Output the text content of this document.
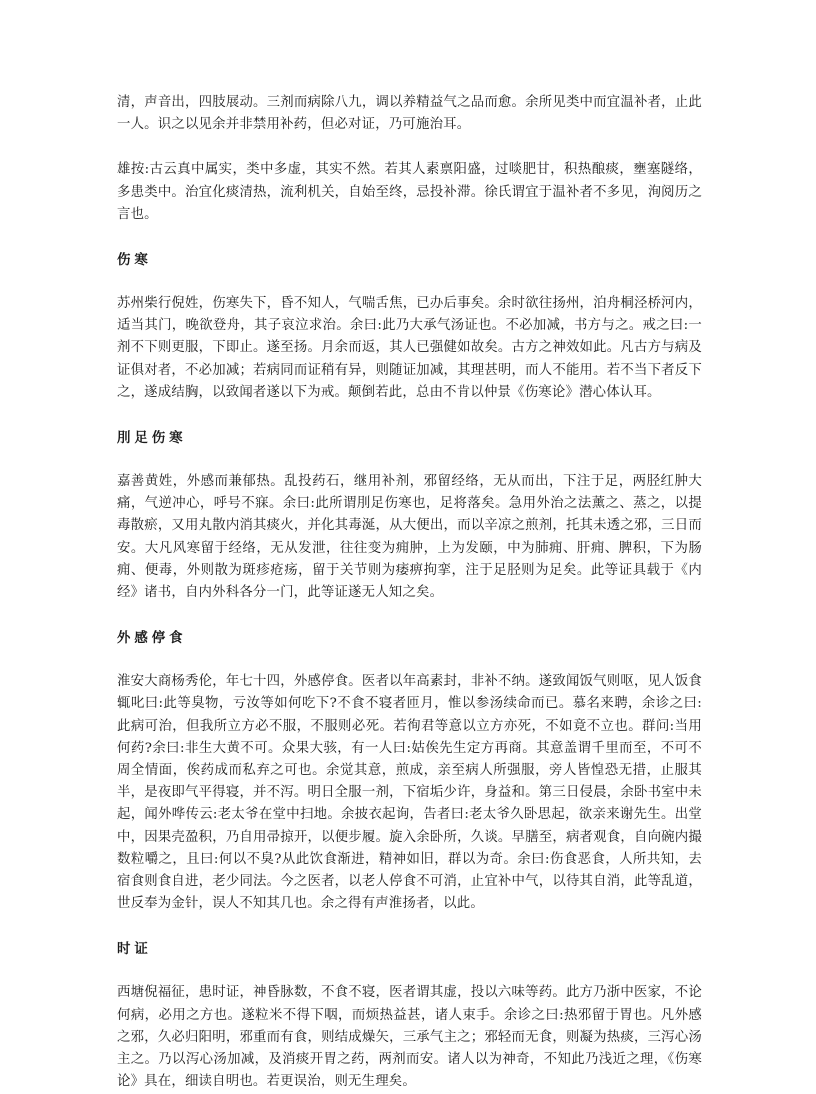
清，声音出，四肢展动。三剂而病除八九，调以养精益气之品而愈。余所见类中而宜温补者，止此一人。识之以见余并非禁用补药，但必对证，乃可施治耳。

雄按:古云真中属实，类中多虚，其实不然。若其人素禀阳盛，过啖肥甘，积热酿痰，壅塞隧络，多患类中。治宜化痰清热，流利机关，自始至终，忌投补滞。徐氏谓宜于温补者不多见，洵阅历之言也。

伤寒

苏州柴行倪姓，伤寒失下，昏不知人，气喘舌焦，已办后事矣。余时欲往扬州，泊舟桐泾桥河内，适当其门，晚欲登舟，其子哀泣求治。余曰:此乃大承气汤证也。不必加减，书方与之。戒之曰:一剂不下则更服，下即止。遂至扬。月余而返，其人已强健如故矣。古方之神效如此。凡古方与病及证俱对者，不必加减；若病同而证稍有异，则随证加减，其理甚明，而人不能用。若不当下者反下之，遂成结胸，以致闻者遂以下为戒。颠倒若此，总由不肯以仲景《伤寒论》潜心体认耳。

刖足伤寒

嘉善黄姓，外感而兼郁热。乱投药石，继用补剂，邪留经络，无从而出，下注于足，两胫红肿大痛，气逆冲心，呼号不寐。余曰:此所谓刖足伤寒也，足将落矣。急用外治之法薰之、蒸之，以提毒散瘀，又用丸散内消其痰火，并化其毒涎，从大便出，而以辛凉之煎剂，托其未透之邪，三日而安。大凡风寒留于经络，无从发泄，往往变为痈肿，上为发颐，中为肺痈、肝痈、脾积，下为肠痈、便毒，外则散为斑疹疮疡，留于关节则为痿痹拘挛，注于足胫则为足矣。此等证具载于《内经》诸书，自内外科各分一门，此等证遂无人知之矣。

外感停食

淮安大商杨秀伦，年七十四，外感停食。医者以年高素封，非补不纳。遂致闻饭气则呕，见人饭食辄叱曰:此等臭物，亏汝等如何吃下?不食不寝者匝月，惟以参汤续命而已。慕名来聘，余诊之曰:此病可治，但我所立方必不服，不服则必死。若徇君等意以立方亦死，不如竟不立也。群问:当用何药?余曰:非生大黄不可。众果大骇，有一人曰:姑俟先生定方再商。其意盖谓千里而至，不可不周全情面，俟药成而私弃之可也。余觉其意，煎成，亲至病人所强服，旁人皆惶恐无措，止服其半，是夜即气平得寝，并不泻。明日全服一剂，下宿垢少许，身益和。第三日侵晨，余卧书室中未起，闻外哗传云:老太爷在堂中扫地。余披衣起询，告者曰:老太爷久卧思起，欲亲来谢先生。出堂中，因果壳盈积，乃自用帚掠开，以便步履。旋入余卧所，久谈。早膳至，病者观食，自向碗内撮数粒嚼之，且曰:何以不臭?从此饮食渐进，精神如旧，群以为奇。余曰:伤食恶食，人所共知，去宿食则食自进，老少同法。今之医者，以老人停食不可消，止宜补中气，以待其自消，此等乱道，世反奉为金针，误人不知其几也。余之得有声淮扬者，以此。

时证

西塘倪福征，患时证，神昏脉数，不食不寝，医者谓其虚，投以六味等药。此方乃浙中医家，不论何病，必用之方也。遂粒米不得下咽，而烦热益甚，诸人束手。余诊之曰:热邪留于胃也。凡外感之邪，久必归阳明，邪重而有食，则结成燥矢，三承气主之；邪轻而无食，则凝为热痰，三泻心汤主之。乃以泻心汤加减，及消痰开胃之药，两剂而安。诸人以为神奇，不知此乃浅近之理，《伤寒论》具在，细读自明也。若更误治，则无生理矣。
